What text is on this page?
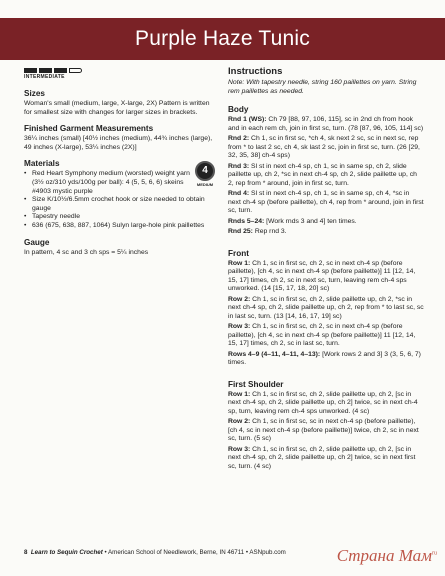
Purple Haze Tunic
INTERMEDIATE
Sizes
Woman's small (medium, large, X-large, 2X) Pattern is written for smallest size with changes for larger sizes in brackets.
Finished Garment Measurements
36¼ inches (small) [40½ inches (medium), 44¾ inches (large), 49 inches (X-large), 53¼ inches (2X)]
Materials
4
MEDIUM
• Red Heart Symphony medium (worsted) weight yarn (3½ oz/310 yds/100g per ball): 4 (5, 5, 6, 6) skeins #4903 mystic purple
• Size K/10½/6.5mm crochet hook or size needed to obtain gauge
• Tapestry needle
• 636 (675, 638, 887, 1064) Sulyn large-hole pink paillettes
Gauge
In pattern, 4 sc and 3 ch sps = 5¼ inches
Instructions
Note: With tapestry needle, string 160 paillettes on yarn. String rem paillettes as needed.
Body
Rnd 1 (WS): Ch 79 [88, 97, 106, 115], sc in 2nd ch from hook and in each rem ch, join in first sc, turn. (78 [87, 96, 105, 114] sc)
Rnd 2: Ch 1, sc in first sc, *ch 4, sk next 2 sc, sc in next sc, rep from * to last 2 sc, ch 4, sk last 2 sc, join in first sc, turn. (26 [29, 32, 35, 38] ch-4 sps)
Rnd 3: Sl st in next ch-4 sp, ch 1, sc in same sp, ch 2, slide paillette up, ch 2, *sc in next ch-4 sp, ch 2, slide paillette up, ch 2, rep from * around, join in first sc, turn.
Rnd 4: Sl st in next ch-4 sp, ch 1, sc in same sp, ch 4, *sc in next ch-4 sp (before paillette), ch 4, rep from * around, join in first sc, turn.
Rnds 5–24: [Work rnds 3 and 4] ten times.
Rnd 25: Rep rnd 3.
Front
Row 1: Ch 1, sc in first sc, ch 2, sc in next ch-4 sp (before paillette), [ch 4, sc in next ch-4 sp (before paillette)] 11 [12, 14, 15, 17] times, ch 2, sc in next sc, turn, leaving rem ch-4 sps unworked. (14 [15, 17, 18, 20] sc)
Row 2: Ch 1, sc in first sc, ch 2, slide paillette up, ch 2, *sc in next ch-4 sp, ch 2, slide paillette up, ch 2, rep from * to last sc, sc in last sc, turn. (13 [14, 16, 17, 19] sc)
Row 3: Ch 1, sc in first sc, ch 2, sc in next ch-4 sp (before paillette), [ch 4, sc in next ch-4 sp (before paillette)] 11 [12, 14, 15, 17] times, ch 2, sc in last sc, turn.
Rows 4–9 (4–11, 4–11, 4–13): [Work rows 2 and 3] 3 (3, 5, 6, 7) times.
First Shoulder
Row 1: Ch 1, sc in first sc, ch 2, slide paillette up, ch 2, [sc in next ch-4 sp, ch 2, slide paillette up, ch 2] twice, sc in next ch-4 sp, turn, leaving rem ch-4 sps unworked. (4 sc)
Row 2: Ch 1, sc in first sc, sc in next ch-4 sp (before paillette), [ch 4, sc in next ch-4 sp (before paillette)] twice, ch 2, sc in next sc, turn. (5 sc)
Row 3: Ch 1, sc in first sc, ch 2, slide paillette up, ch 2, [sc in next ch-4 sp, ch 2, slide paillette up, ch 2] twice, sc in next first sc, turn. (4 sc)
8 Learn to Sequin Crochet • American School of Needlework, Berne, IN 46711 • ASNpub.com	Страна Мам$^{ru}$
